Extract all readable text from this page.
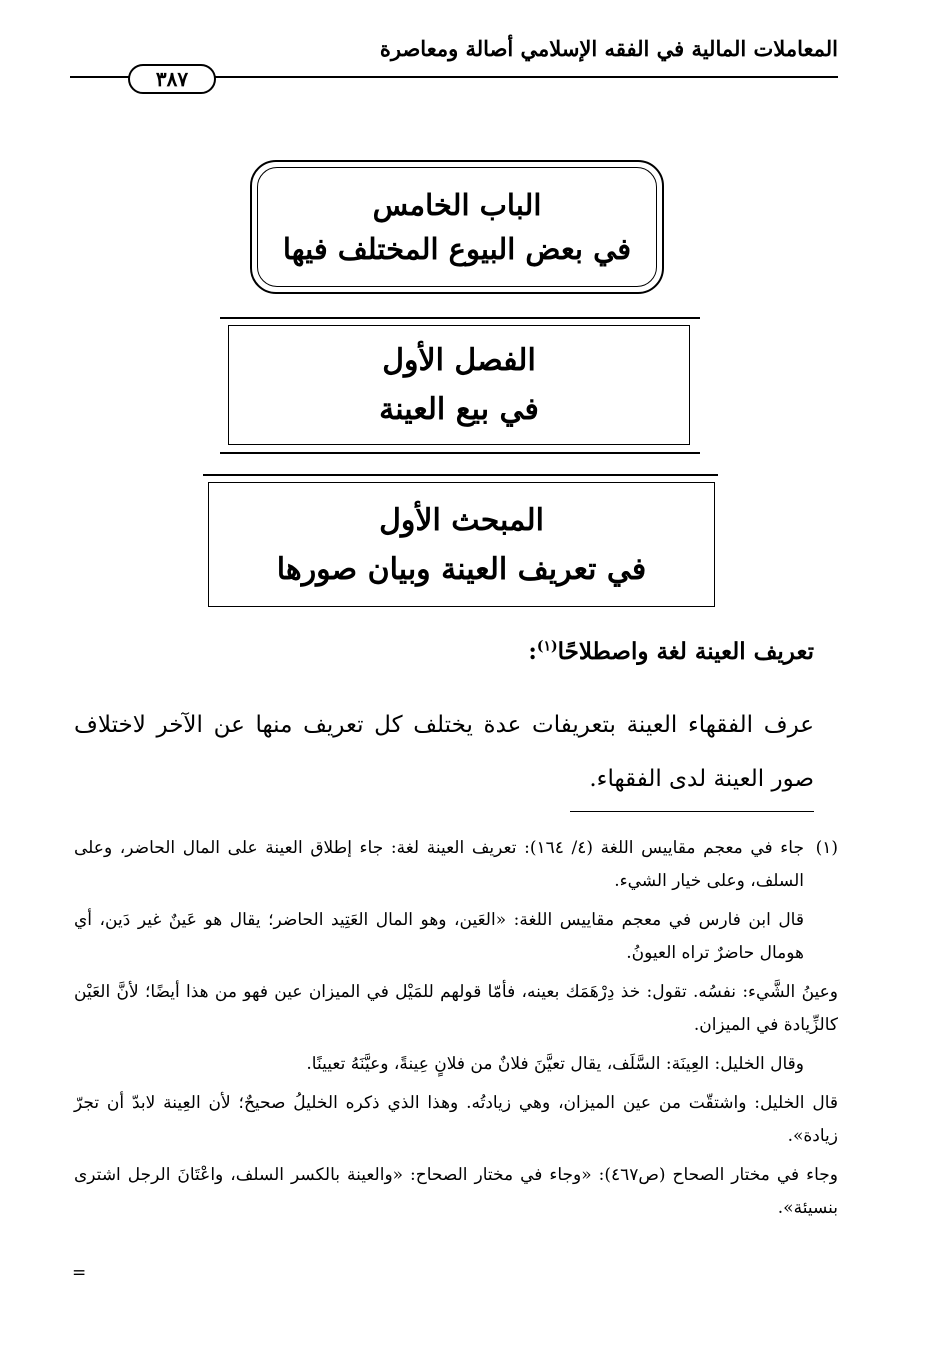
المعاملات المالية في الفقه الإسلامي أصالة ومعاصرة
٣٨٧
الباب الخامس
في بعض البيوع المختلف فيها
الفصل الأول
في بيع العينة
المبحث الأول
في تعريف العينة وبيان صورها
تعريف العينة لغة واصطلاحًا$^{(١)}$:
عرف الفقهاء العينة بتعريفات عدة يختلف كل تعريف منها عن الآخر لاختلاف صور العينة لدى الفقهاء.
(١)
جاء في معجم مقاييس اللغة (٤/ ١٦٤): تعريف العينة لغة: جاء إطلاق العينة على المال الحاضر، وعلى السلف، وعلى خيار الشيء.
قال ابن فارس في معجم مقاييس اللغة: «العَين، وهو المال العَتِيد الحاضر؛ يقال هو عَينٌ غير دَين، أي هومال حاضرٌ تراه العيونُ.
وعينُ الشَّيء: نفسُه. تقول: خذ دِرْهَمَك بعينه، فأمّا قولهم للمَيْل في الميزان عين فهو من هذا أيضًا؛ لأنَّ العَيْن كالزِّيادة في الميزان.
وقال الخليل: العِينَة: السَّلَف، يقال تعيَّنَ فلانٌ من فلانٍ عِينةً، وعيَّنَهُ تعيينًا.
قال الخليل: واشتقّت من عين الميزان، وهي زيادتُه. وهذا الذي ذكره الخليلُ صحيحٌ؛ لأن العِينة لابدّ أن تجرّ زيادة».
وجاء في مختار الصحاح (ص٤٦٧): «وجاء في مختار الصحاح: «والعينة بالكسر السلف، واعْتَانَ الرجل اشترى بنسيئة».
=
